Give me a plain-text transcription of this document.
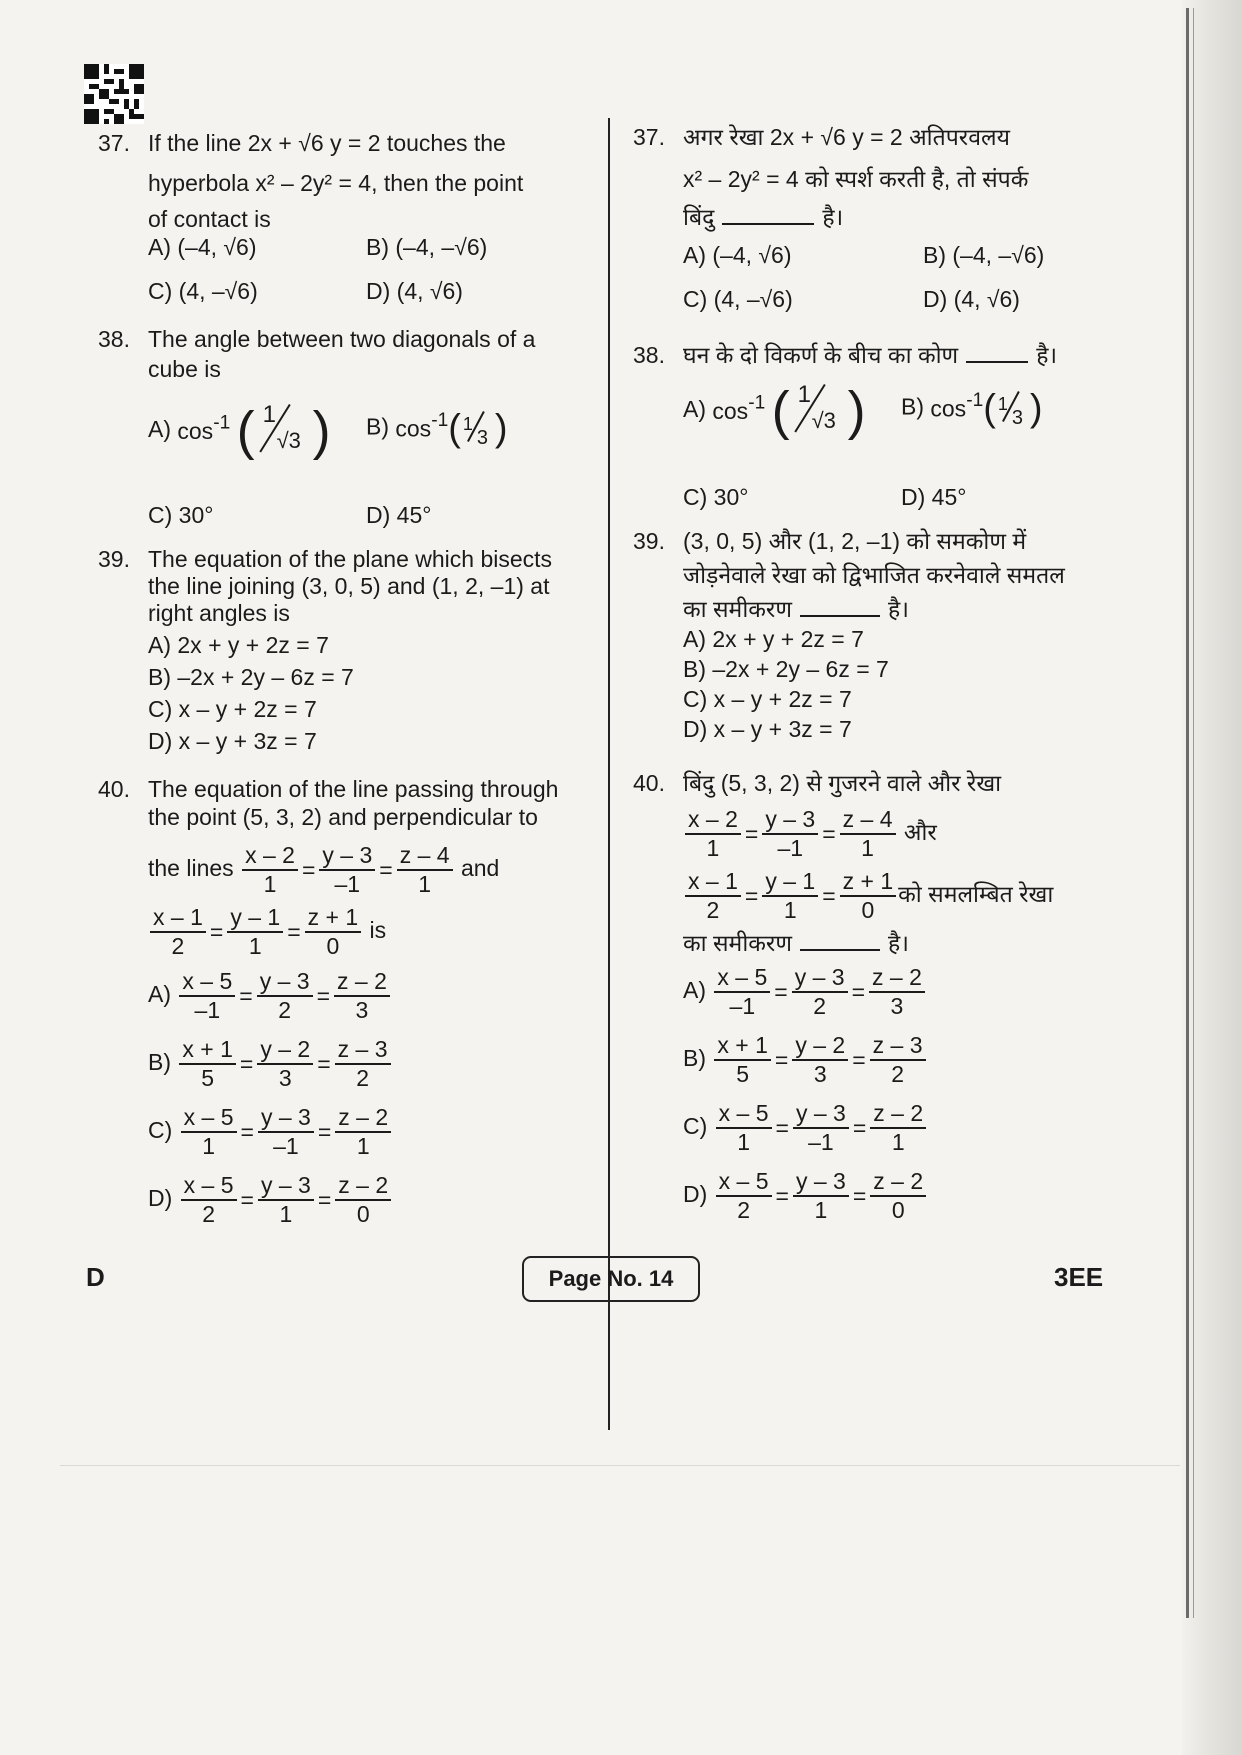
37. If the line 2x + √6 y = 2 touches the
hyperbola x² – 2y² = 4, then the point
of contact is
A) (–4, √6)	B) (–4, –√6)
C) (4, –√6)	D) (4, √6)
38. The angle between two diagonals of a
cube is
A) $\cos^{-1}$ ( 1
√3 ) B) $\cos^{-1}$( 1
3 )
C) 30°	D) 45°
39. The equation of the plane which bisects
the line joining (3, 0, 5) and (1, 2, –1) at
right angles is
A) 2x + y + 2z = 7
B) –2x + 2y – 6z = 7
C) x – y + 2z = 7
D) x – y + 3z = 7
40. The equation of the line passing through
the point (5, 3, 2) and perpendicular to
the lines $\frac{x - 2}{1} = \frac{y - 3}{-1} = \frac{z - 4}{1}$ and
$\frac{x - 1}{2} = \frac{y - 1}{1} = \frac{z + 1}{0}$ is
$A) \frac{x - 5}{-1} = \frac{y - 3}{2} = \frac{z - 2}{3}$
$B) \frac{x + 1}{5} = \frac{y - 2}{3} = \frac{z - 3}{2}$
$C) \frac{x - 5}{1} = \frac{y - 3}{-1} = \frac{z - 2}{1}$
$D) \frac{x - 5}{2} = \frac{y - 3}{1} = \frac{z - 2}{0}$
37. अगर रेखा 2x + √6 y = 2 अतिपरवलय
x² – 2y² = 4 को स्पर्श करती है, तो संपर्क
बिंदु	है।
A) (–4, √6)	B) (–4, –√6)
C) (4, –√6)	D) (4, √6)
38. घन के दो विकर्ण के बीच का कोण	है।
A) $\cos^{-1}$ ( 1
√3 ) B) $\cos^{-1}$( 1
3 )
C) 30°	D) 45°
39. (3, 0, 5) और (1, 2, –1) को समकोण में
जोड़नेवाले रेखा को द्विभाजित करनेवाले समतल
का समीकरण	है।
A) 2x + y + 2z = 7
B) –2x + 2y – 6z = 7
C) x – y + 2z = 7
D) x – y + 3z = 7
40. बिंदु (5, 3, 2) से गुजरने वाले और रेखा
$\frac{x - 2}{1} = \frac{y - 3}{-1} = \frac{z - 4}{1}$ और
$\frac{x - 1}{2} = \frac{y - 1}{1} = \frac{z + 1}{0}$ को समलम्बित रेखा
का समीकरण	है।
$A) \frac{x - 5}{-1} = \frac{y - 3}{2} = \frac{z - 2}{3}$
$B) \frac{x + 1}{5} = \frac{y - 2}{3} = \frac{z - 3}{2}$
$C) \frac{x - 5}{1} = \frac{y - 3}{-1} = \frac{z - 2}{1}$
$D) \frac{x - 5}{2} = \frac{y - 3}{1} = \frac{z - 2}{0}$
D	Page No. 14	3EE
